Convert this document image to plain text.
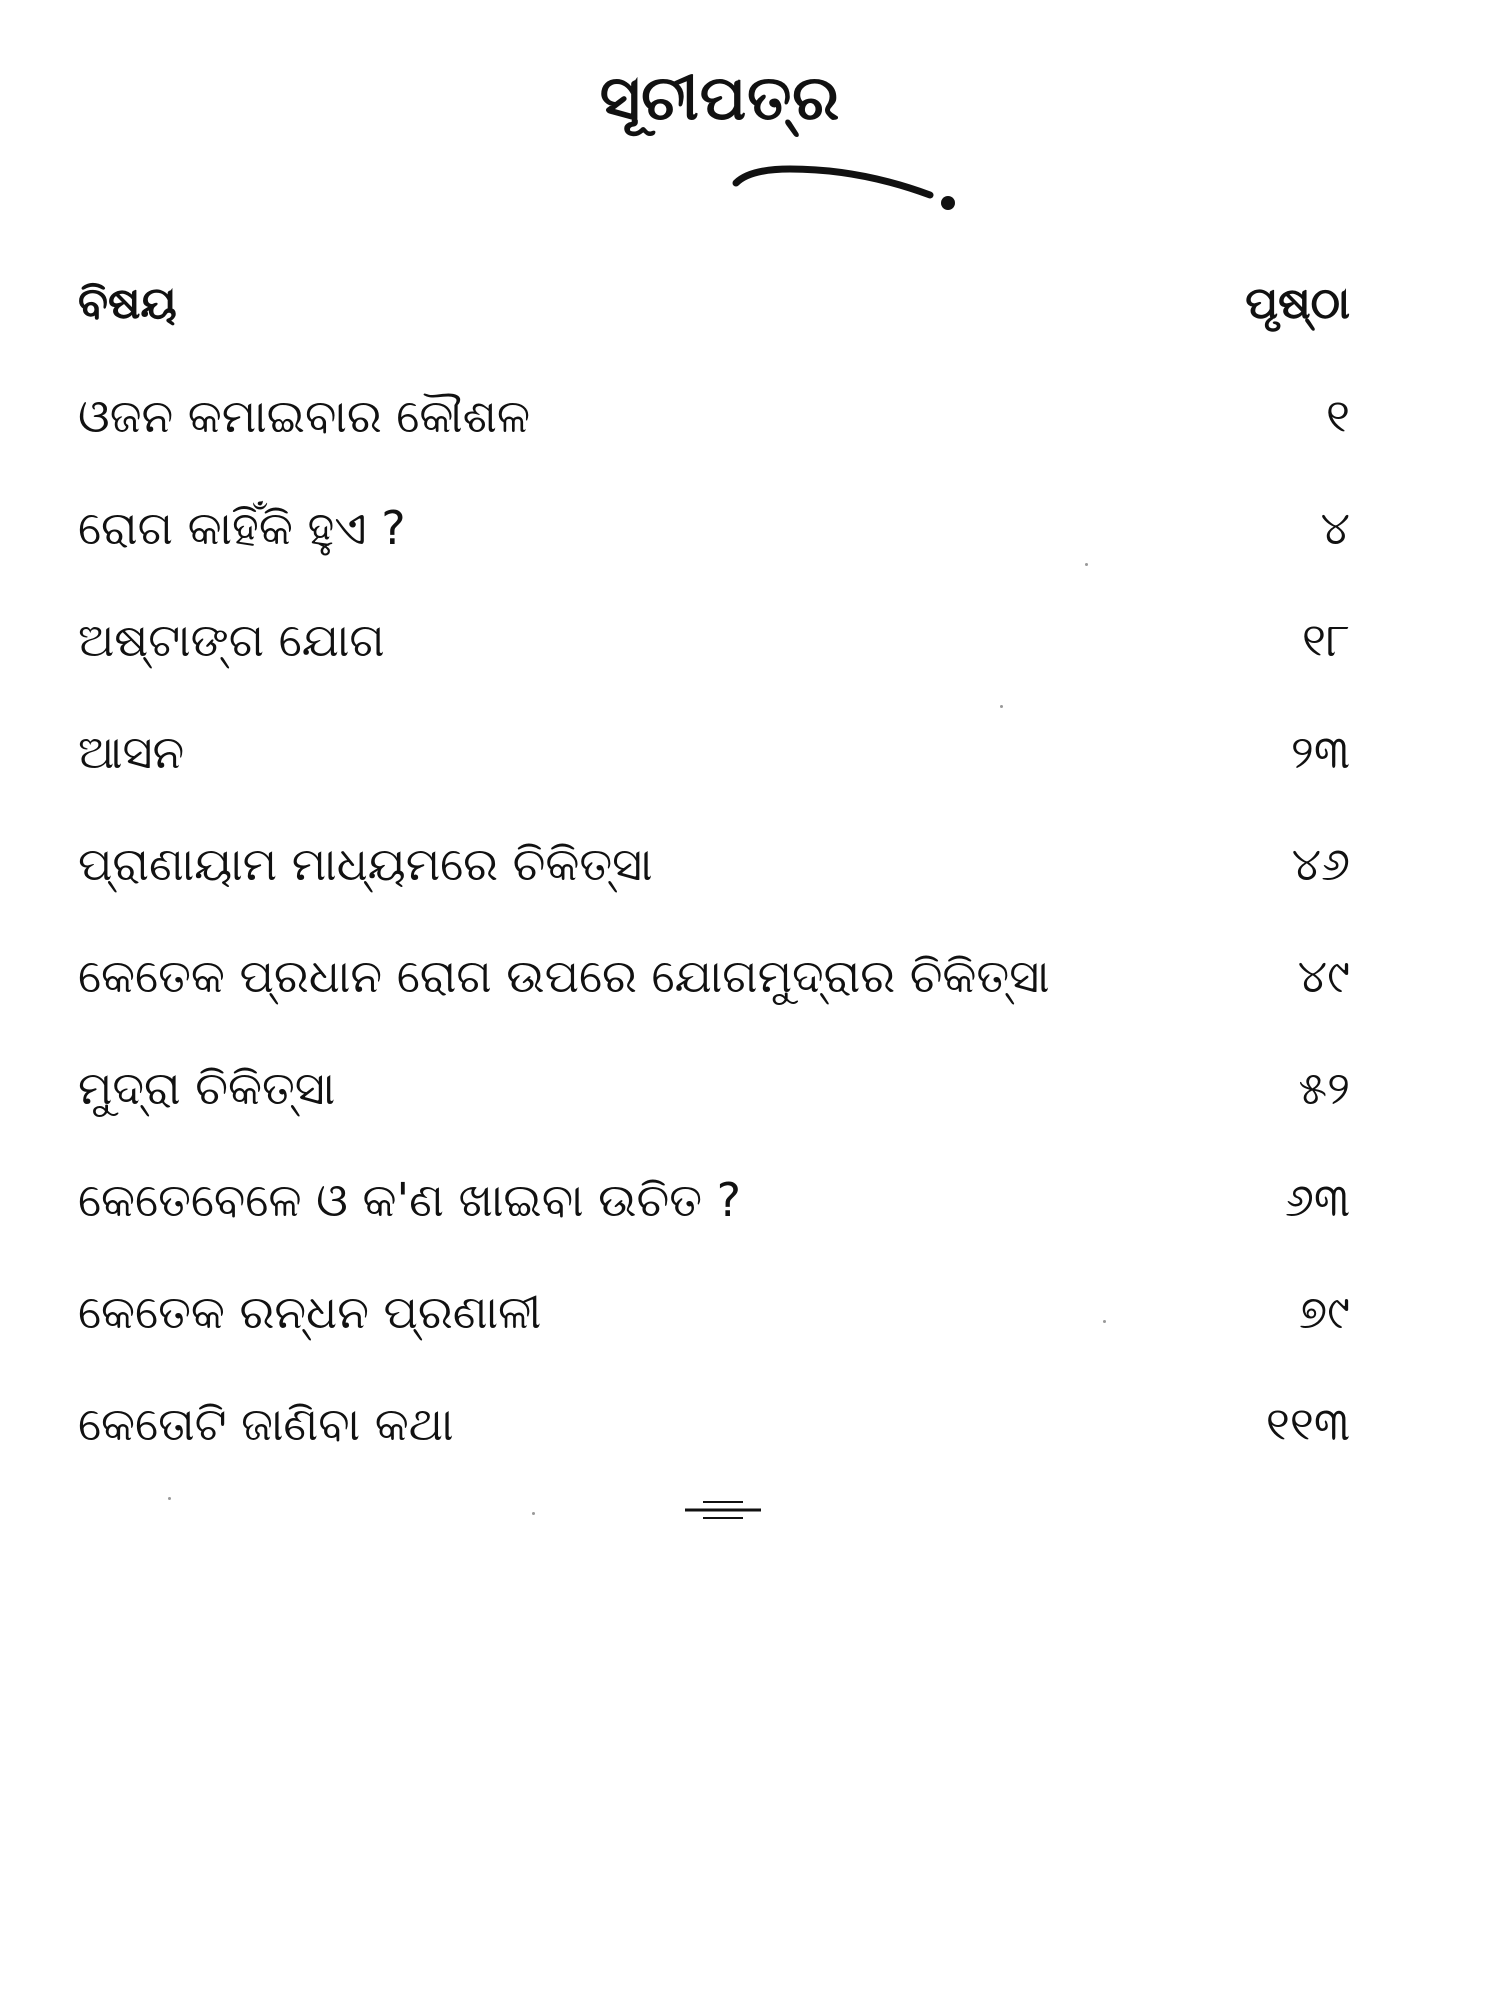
ସୂଚୀପତ୍ର
ବିଷୟ	ପୃଷ୍ଠା
ଓଜନ କମାଇବାର କୌଶଳ	୧
ରୋଗ କାହିଁକି ହୁଏ ?	୪
ଅଷ୍ଟାଙ୍ଗ ଯୋଗ	୧୮
ଆସନ	୨୩
ପ୍ରାଣାୟାମ ମାଧ୍ୟମରେ ଚିକିତ୍ସା	୪୬
କେତେକ ପ୍ରଧାନ ରୋଗ ଉପରେ ଯୋଗମୁଦ୍ରାର ଚିକିତ୍ସା	୪୯
ମୁଦ୍ରା ଚିକିତ୍ସା	୫୨
କେତେବେଳେ ଓ କ'ଣ ଖାଇବା ଉଚିତ ?	୬୩
କେତେକ ରନ୍ଧନ ପ୍ରଣାଳୀ	୭୯
କେତୋଟି ଜାଣିବା କଥା	୧୧୩
